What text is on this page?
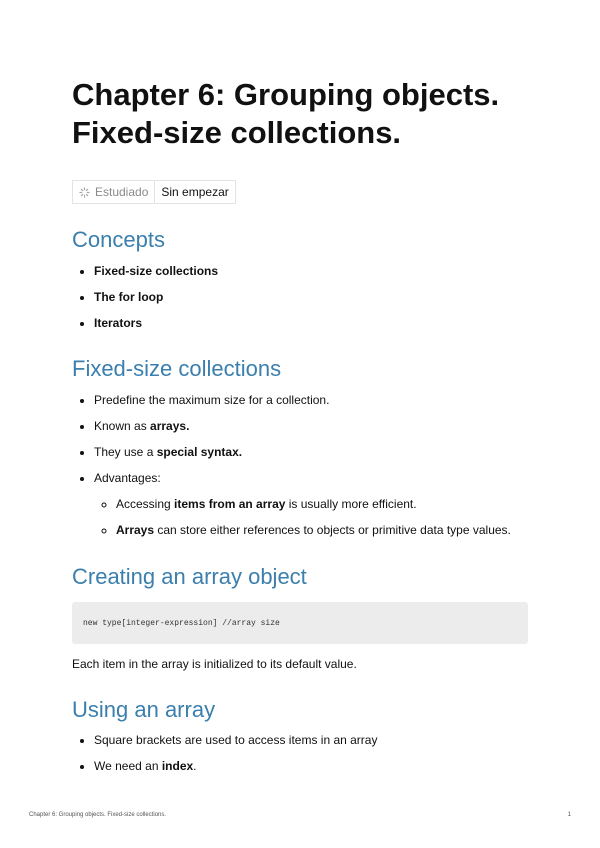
Chapter 6: Grouping objects.
Fixed-size collections.
Estudiado	Sin empezar
Concepts
• Fixed-size collections
• The for loop
• Iterators
Fixed-size collections
• Predefine the maximum size for a collection.
• Known as arrays.
• They use a special syntax.
• Advantages:
◦ Accessing items from an array is usually more efficient.
◦ Arrays can store either references to objects or primitive data type values.
Creating an array object
new type[integer-expression] //array size

Each item in the array is initialized to its default value.

Using an array
• Square brackets are used to access items in an array
• We need an index.
Chapter 6: Grouping objects. Fixed-size collections.	1
